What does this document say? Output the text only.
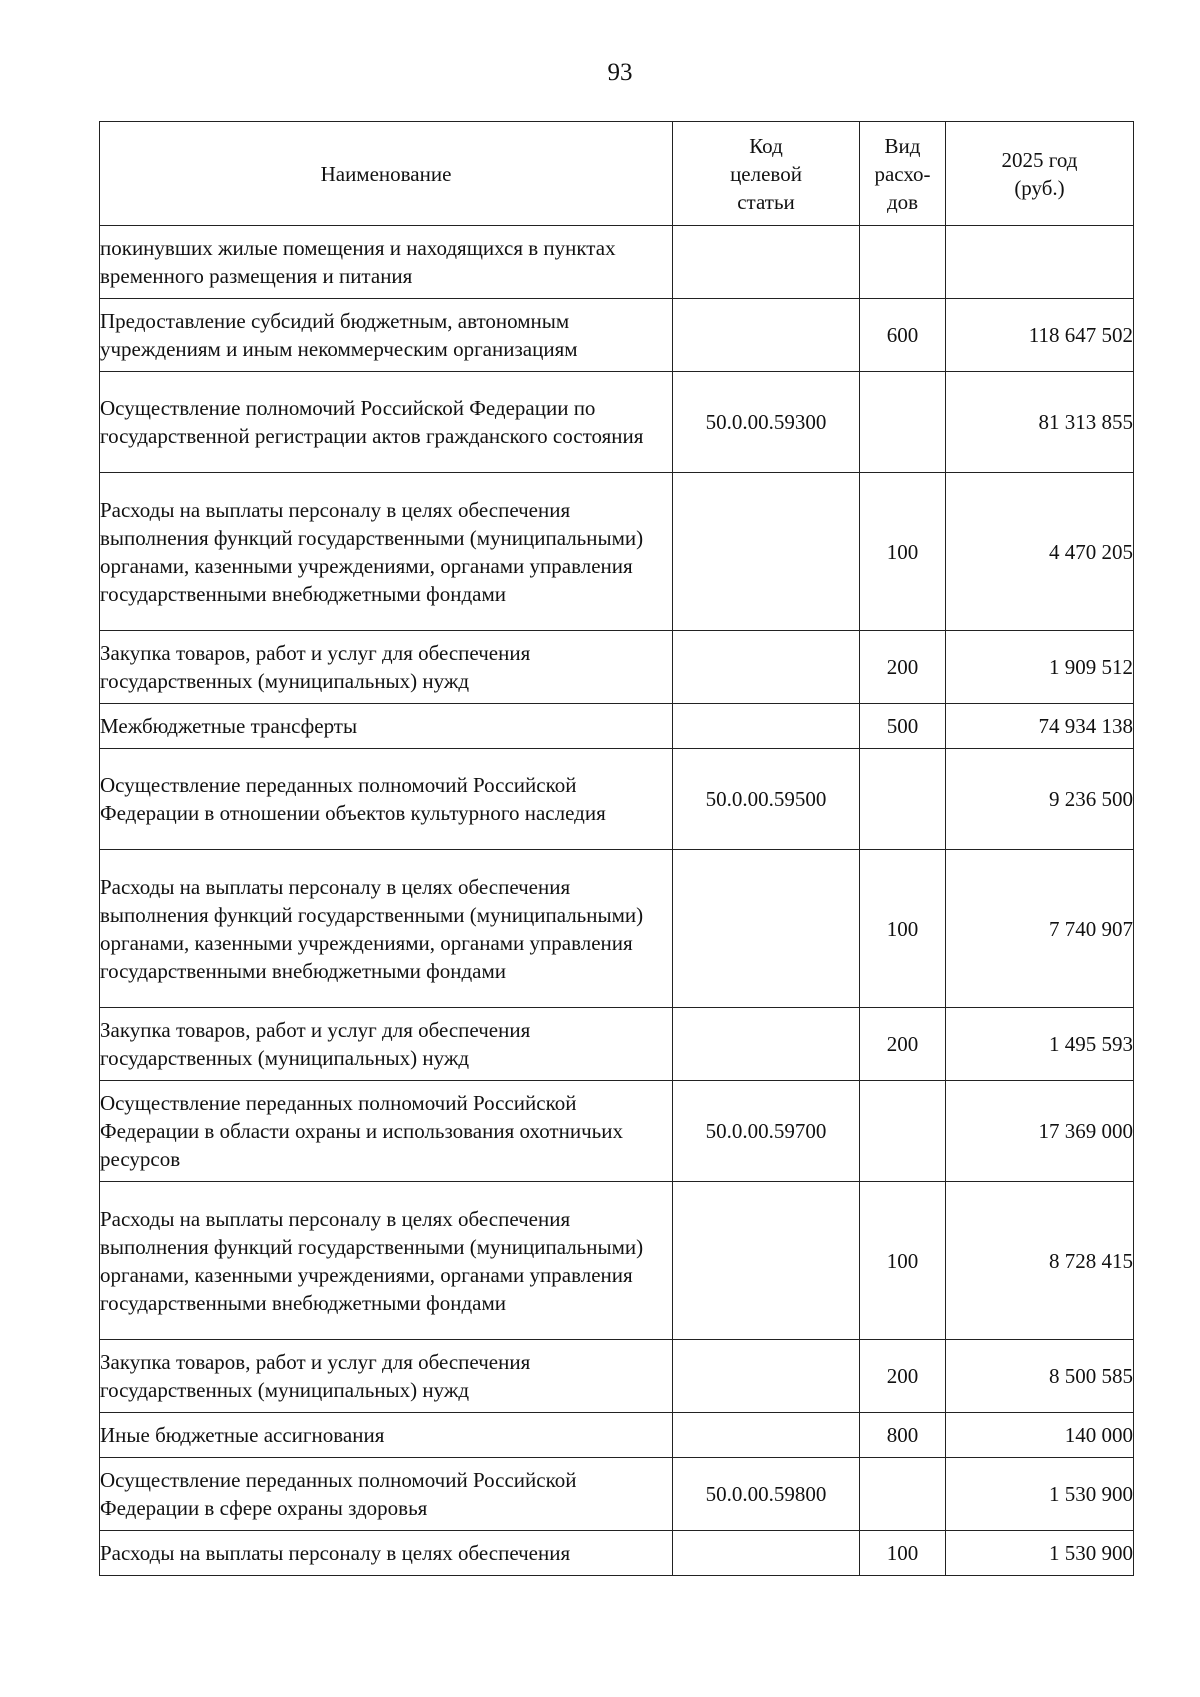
93
Наименование	Код целевой статьи	Вид расхо-дов	2025 год (руб.)
покинувших жилые помещения и находящихся в пунктах временного размещения и питания			
Предоставление субсидий бюджетным, автономным учреждениям и иным некоммерческим организациям		600	118 647 502
Осуществление полномочий Российской Федерации по государственной регистрации актов гражданского состояния	50.0.00.59300		81 313 855
Расходы на выплаты персоналу в целях обеспечения выполнения функций государственными (муниципальными) органами, казенными учреждениями, органами управления государственными внебюджетными фондами		100	4 470 205
Закупка товаров, работ и услуг для обеспечения государственных (муниципальных) нужд		200	1 909 512
Межбюджетные трансферты		500	74 934 138
Осуществление переданных полномочий Российской Федерации в отношении объектов культурного наследия	50.0.00.59500		9 236 500
Расходы на выплаты персоналу в целях обеспечения выполнения функций государственными (муниципальными) органами, казенными учреждениями, органами управления государственными внебюджетными фондами		100	7 740 907
Закупка товаров, работ и услуг для обеспечения государственных (муниципальных) нужд		200	1 495 593
Осуществление переданных полномочий Российской Федерации в области охраны и использования охотничьих ресурсов	50.0.00.59700		17 369 000
Расходы на выплаты персоналу в целях обеспечения выполнения функций государственными (муниципальными) органами, казенными учреждениями, органами управления государственными внебюджетными фондами		100	8 728 415
Закупка товаров, работ и услуг для обеспечения государственных (муниципальных) нужд		200	8 500 585
Иные бюджетные ассигнования		800	140 000
Осуществление переданных полномочий Российской Федерации в сфере охраны здоровья	50.0.00.59800		1 530 900
Расходы на выплаты персоналу в целях обеспечения		100	1 530 900
